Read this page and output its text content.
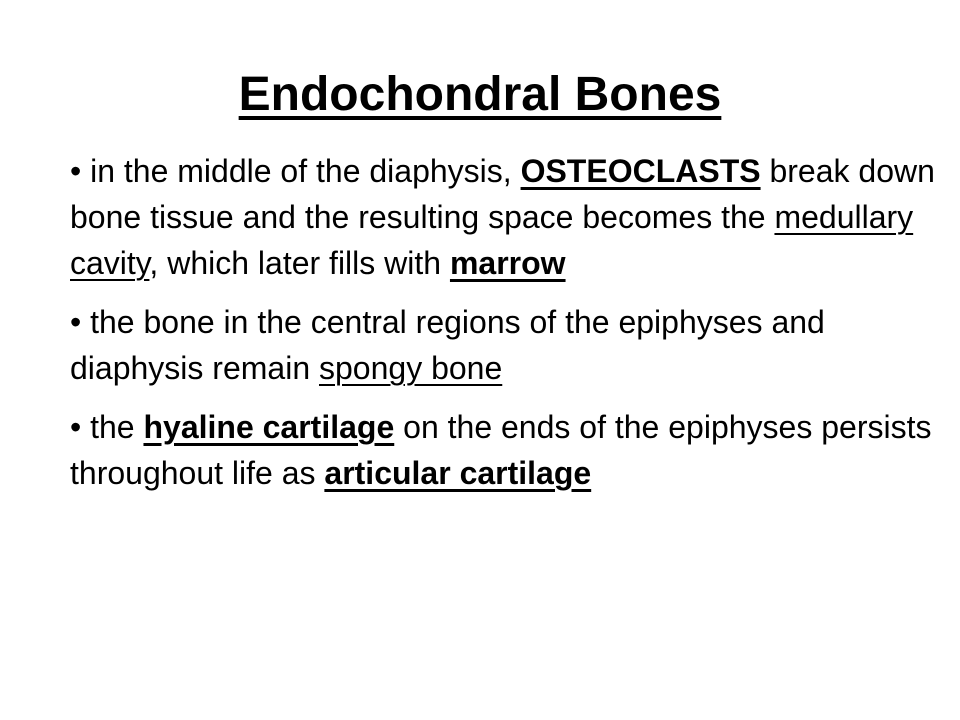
Endochondral Bones

• in the middle of the diaphysis, OSTEOCLASTS break down bone tissue and the resulting space becomes the medullary cavity, which later fills with marrow

• the bone in the central regions of the epiphyses and diaphysis remain spongy bone

• the hyaline cartilage on the ends of the epiphyses persists throughout life as articular cartilage
